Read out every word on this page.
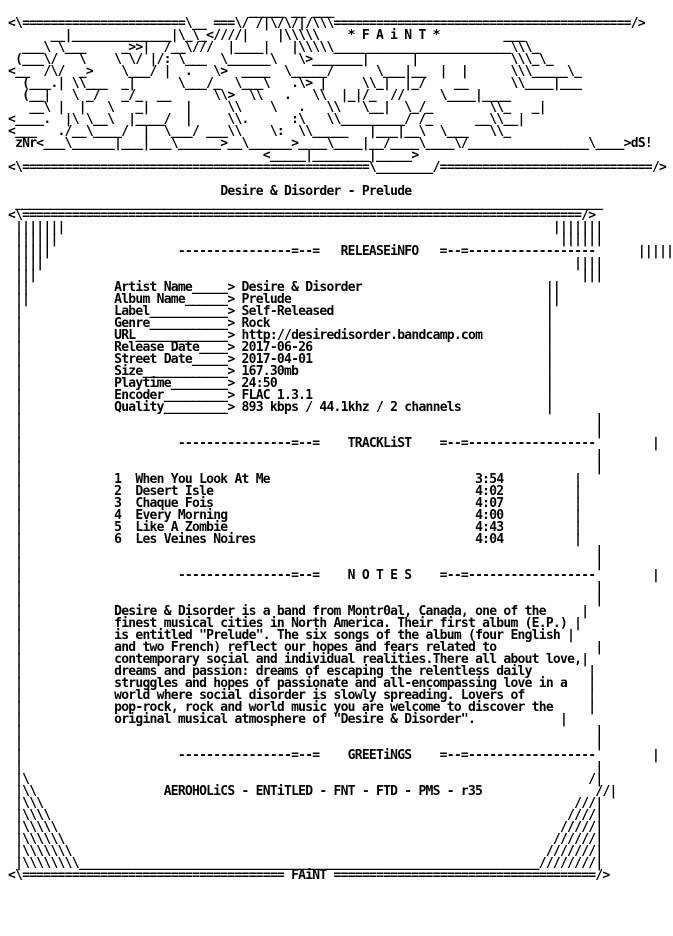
_____ __ ___
<\=======================\__ ===\/ /|\/\/|/\\\==========================================/>
__|______________|\_\_<////|    |\\\\\    * F A i N T *         ___
___\ \___     _>>|  /__\///  |____|   |\\\\\_________________________\\\_
(___\/   \    \ \/ |/: \___  \______\   \>_______|      |             \\\_\_
<__  /\/  _>    \___/ |  .   \>  ____  \_____/      \___|__  |  |      \\\_____\_
(___.| \\___  _|      \___/_  \___\   .\> |     \\_|  |_/    __      \\____|___
(__|   \ _/   _/_  __      \\>  \\   .   \\  |_|/_  //     \____|____
__\ |  |   \   _|     |     \\    \   .   \\   \__|  \_/_        \\_   _|
<____.  |\ \__\  |____/  |     \\.      :\   \\_________/ /_      __\\__|
<___   ./__\____/  |  \___/ ___\\    \:  \\_____   |___|__\  \___   \\_
zNr<___\______|___|___\______>__\______>____\____|__/____\____\/_________________\____>dS!
<_____|________|_____>
<\=================================================\________/==============================/>

Desire & Disorder - Prelude
___________________________________________________________________________________
<\===============================================================================/>
|||||||                                                                     |||||||
||||||                                                                       ||||||
|||||	----------------=--=   RELEASEiNFO   =--=------------------	|||||
||||                                                                           ||||
|||                                                                             |||
||	Artist Name_____> Desire & Disorder	||
||	Album Name______> Prelude	||
|	Label___________> Self-Released	|
|	Genre___________> Rock	|
|	URL_____________> http://desiredisorder.bandcamp.com	|
|	Release Date____> 2017-06-26	|
|	Street Date_____> 2017-04-01	|
|	Size____________> 167.30mb	|
|	Playtime________> 24:50	|
|	Encoder_________> FLAC 1.3.1	|
|	Quality_________> 893 kbps / 44.1khz / 2 channels	|
|                                                                                 |
|                                                                                 |
|	----------------=--=    TRACKLiST    =--=------------------	|
|                                                                                 |
|                                                                                 |
|	1 When You Look At Me	3:54	|
|	2 Desert Isle	4:02	|
|	3 Chaque Fois	4:07	|
|	4 Every Morning	4:00	|
|	5 Like A Zombie	4:43	|
|	6 Les Veines Noires	4:04	|
|                                                                                 |
|                                                                                 |
|	----------------=--=    N O T E S    =--=------------------	|
|                                                                                 |
|                                                                                 |
|	Desire & Disorder is a band from Montr0al, Canada, one of the	|
|	finest musical cities in North America. Their first album (E.P.) |
|	is entitled "Prelude". The six songs of the album (four English |
|	and two French) reflect our hopes and fears related to	|
|	contemporary social and individual realities.There all about love,|
|	dreams and passion: dreams of escaping the relentless daily	|
|	struggles and hopes of passionate and all-encompassing love in a   |
|	world where social disorder is slowly spreading. Lovers of	|
|	pop-rock, rock and world music you are welcome to discover the	|
|	original musical atmosphere of "Desire & Disorder".	|
|                                                                                 |
|                                                                                 |
|	----------------=--=    GREETiNGS    =--=------------------	|
|                                                                                 |
|\                                                                               /|
|\\	AEROHOLiCS - ENTiTLED - FNT - FTD - PMS - r35	//|
|\\\                                                                           ///|
|\\\\                                                                         ////|
|\\\\\                                                                       /////|
|\\\\\\                                                                     //////|
|\\\\\\\                                                                   ///////|
|\\\\\\\\_________________________________________________________________////////|
<\===================================== FAiNT =====================================/>
